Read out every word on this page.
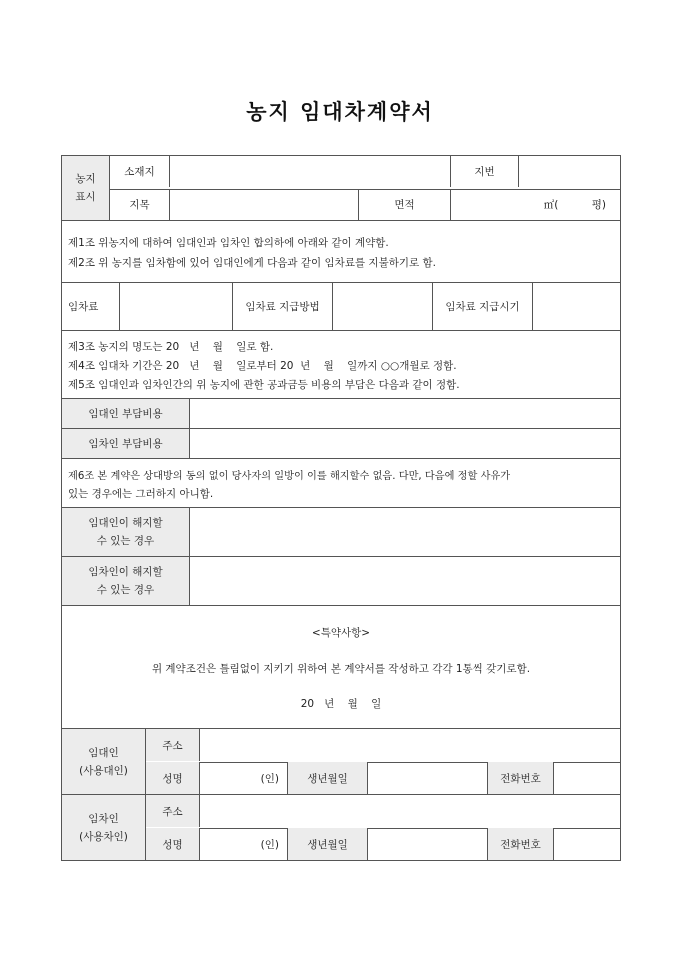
농지 임대차계약서
농지
표시
소재지	지번
지목	면적	㎡(          평)
제1조 위농지에 대하여 임대인과 임차인 합의하에 아래와 같이 계약함.
제2조 위 농지를 임차함에 있어 임대인에게 다음과 같이 임차료를 지불하기로 함.
임차료	임차료 지급방법	임차료 지급시기
제3조 농지의 명도는 20   년    월    일로 함.
제4조 임대차 기간은 20   년    월    일로부터 20  년    월    일까지 ○○개월로 정함.
제5조 임대인과 임차인간의 위 농지에 관한 공과금등 비용의 부담은 다음과 같이 정함.
임대인 부담비용
임차인 부담비용
제6조 본 계약은 상대방의 동의 없이 당사자의 일방이 이를 해지할수 없음. 다만, 다음에 정할 사유가
있는 경우에는 그러하지 아니함.
임대인이 해지할
수 있는 경우
임차인이 해지할
수 있는 경우
<특약사항>
위 계약조건은 틀림없이 지키기 위하여 본 계약서를 작성하고 각각 1통씩 갖기로함.
20   년    월    일
임대인
(사용대인)
주소
성명	(인)	생년월일	전화번호
임차인
(사용차인)
주소
성명	(인)	생년월일	전화번호
